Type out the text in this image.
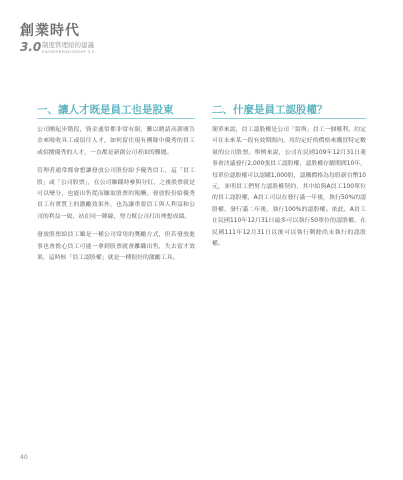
創業時代
3.0 制度管理給的建議
ENTREPRENEURSHIP 3.0
一、讓人才既是員工也是股東	二、什麼是員工認股權？

公司剛起步階段，資金通常都非常有限，難以聘請高薪廣告金來吸收具工或留住人才，如何留住現有團隊中優秀的員工或招攬優秀的人才，一直都是新創公司者面的難題。

管理者通常都會想讓發放公司股份給予優秀員工，這「員工股」或「公司股票」，在公司賺錢時參與分紅，之後股票就是可以變分，也能出售從而賺取股票的報酬。發放股份給優秀員工有實質上的激勵效果外，也為讓重要員工與人利益和公司的利益一致，站在同一陣線，努力幫公司打出理想成績。

發放股票給員工雖是一種公司常用的獎勵方式，但若發放進事也會擔心員工可能一拿到股票就會離職出售，失去留才效果，這時候「員工認股權」就是一種很好的激勵工具。

簡單來說，員工認股權是公司「給與」員工一個權利，約定可在未來某一段有效期間內，用約定好的價格來購買特定數量的公司股票。舉例來說，公司在民國109年12月31日董事會決議發行2,000張員工認股權，認股權存續期間10年，每單位認股權可以認購1,000股，認購價格為每股新台幣10元，並明員工們努力認股權契約，其中給與A員工100單位的員工認股權，A員工可以在發行滿一年後，執行50%的認股權，發行滿二年後，執行100%的認股權。依此，A員工在民國110年12月31日最多可以執行50單位的認股權，在民國111年12月31日以後可以執行剩餘尚未執行的認股權。

40
